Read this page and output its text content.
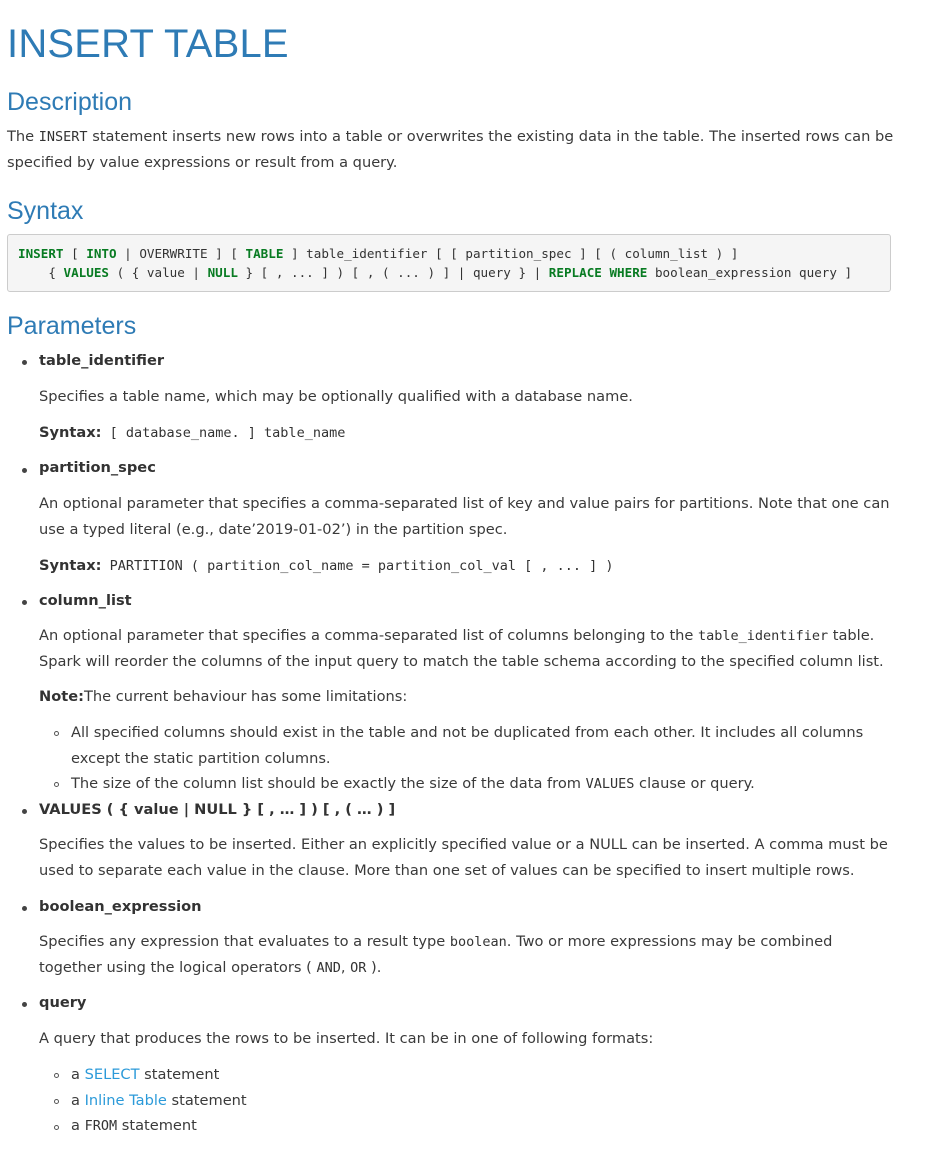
INSERT TABLE
Description

The INSERT statement inserts new rows into a table or overwrites the existing data in the table. The inserted rows can be specified by value expressions or result from a query.

Syntax
INSERT [ INTO | OVERWRITE ] [ TABLE ] table_identifier [ [ partition_spec ] [ ( column_list ) ]
{ VALUES ( { value | NULL } [ , ... ] ) [ , ( ... ) ] | query } | REPLACE WHERE boolean_expression query ]
Parameters
table_identifier

Specifies a table name, which may be optionally qualified with a database name.

Syntax: [ database_name. ] table_name

partition_spec

An optional parameter that specifies a comma-separated list of key and value pairs for partitions. Note that one can use a typed literal (e.g., date’2019-01-02’) in the partition spec.

Syntax: PARTITION ( partition_col_name = partition_col_val [ , ... ] )

column_list

An optional parameter that specifies a comma-separated list of columns belonging to the table_identifier table. Spark will reorder the columns of the input query to match the table schema according to the specified column list.

Note:The current behaviour has some limitations:

All specified columns should exist in the table and not be duplicated from each other. It includes all columns except the static partition columns.

The size of the column list should be exactly the size of the data from VALUES clause or query.

VALUES ( { value | NULL } [ , … ] ) [ , ( … ) ]

Specifies the values to be inserted. Either an explicitly specified value or a NULL can be inserted. A comma must be used to separate each value in the clause. More than one set of values can be specified to insert multiple rows.

boolean_expression

Specifies any expression that evaluates to a result type boolean. Two or more expressions may be combined together using the logical operators ( AND, OR ).

query

A query that produces the rows to be inserted. It can be in one of following formats:

a SELECT statement

a Inline Table statement

a FROM statement
